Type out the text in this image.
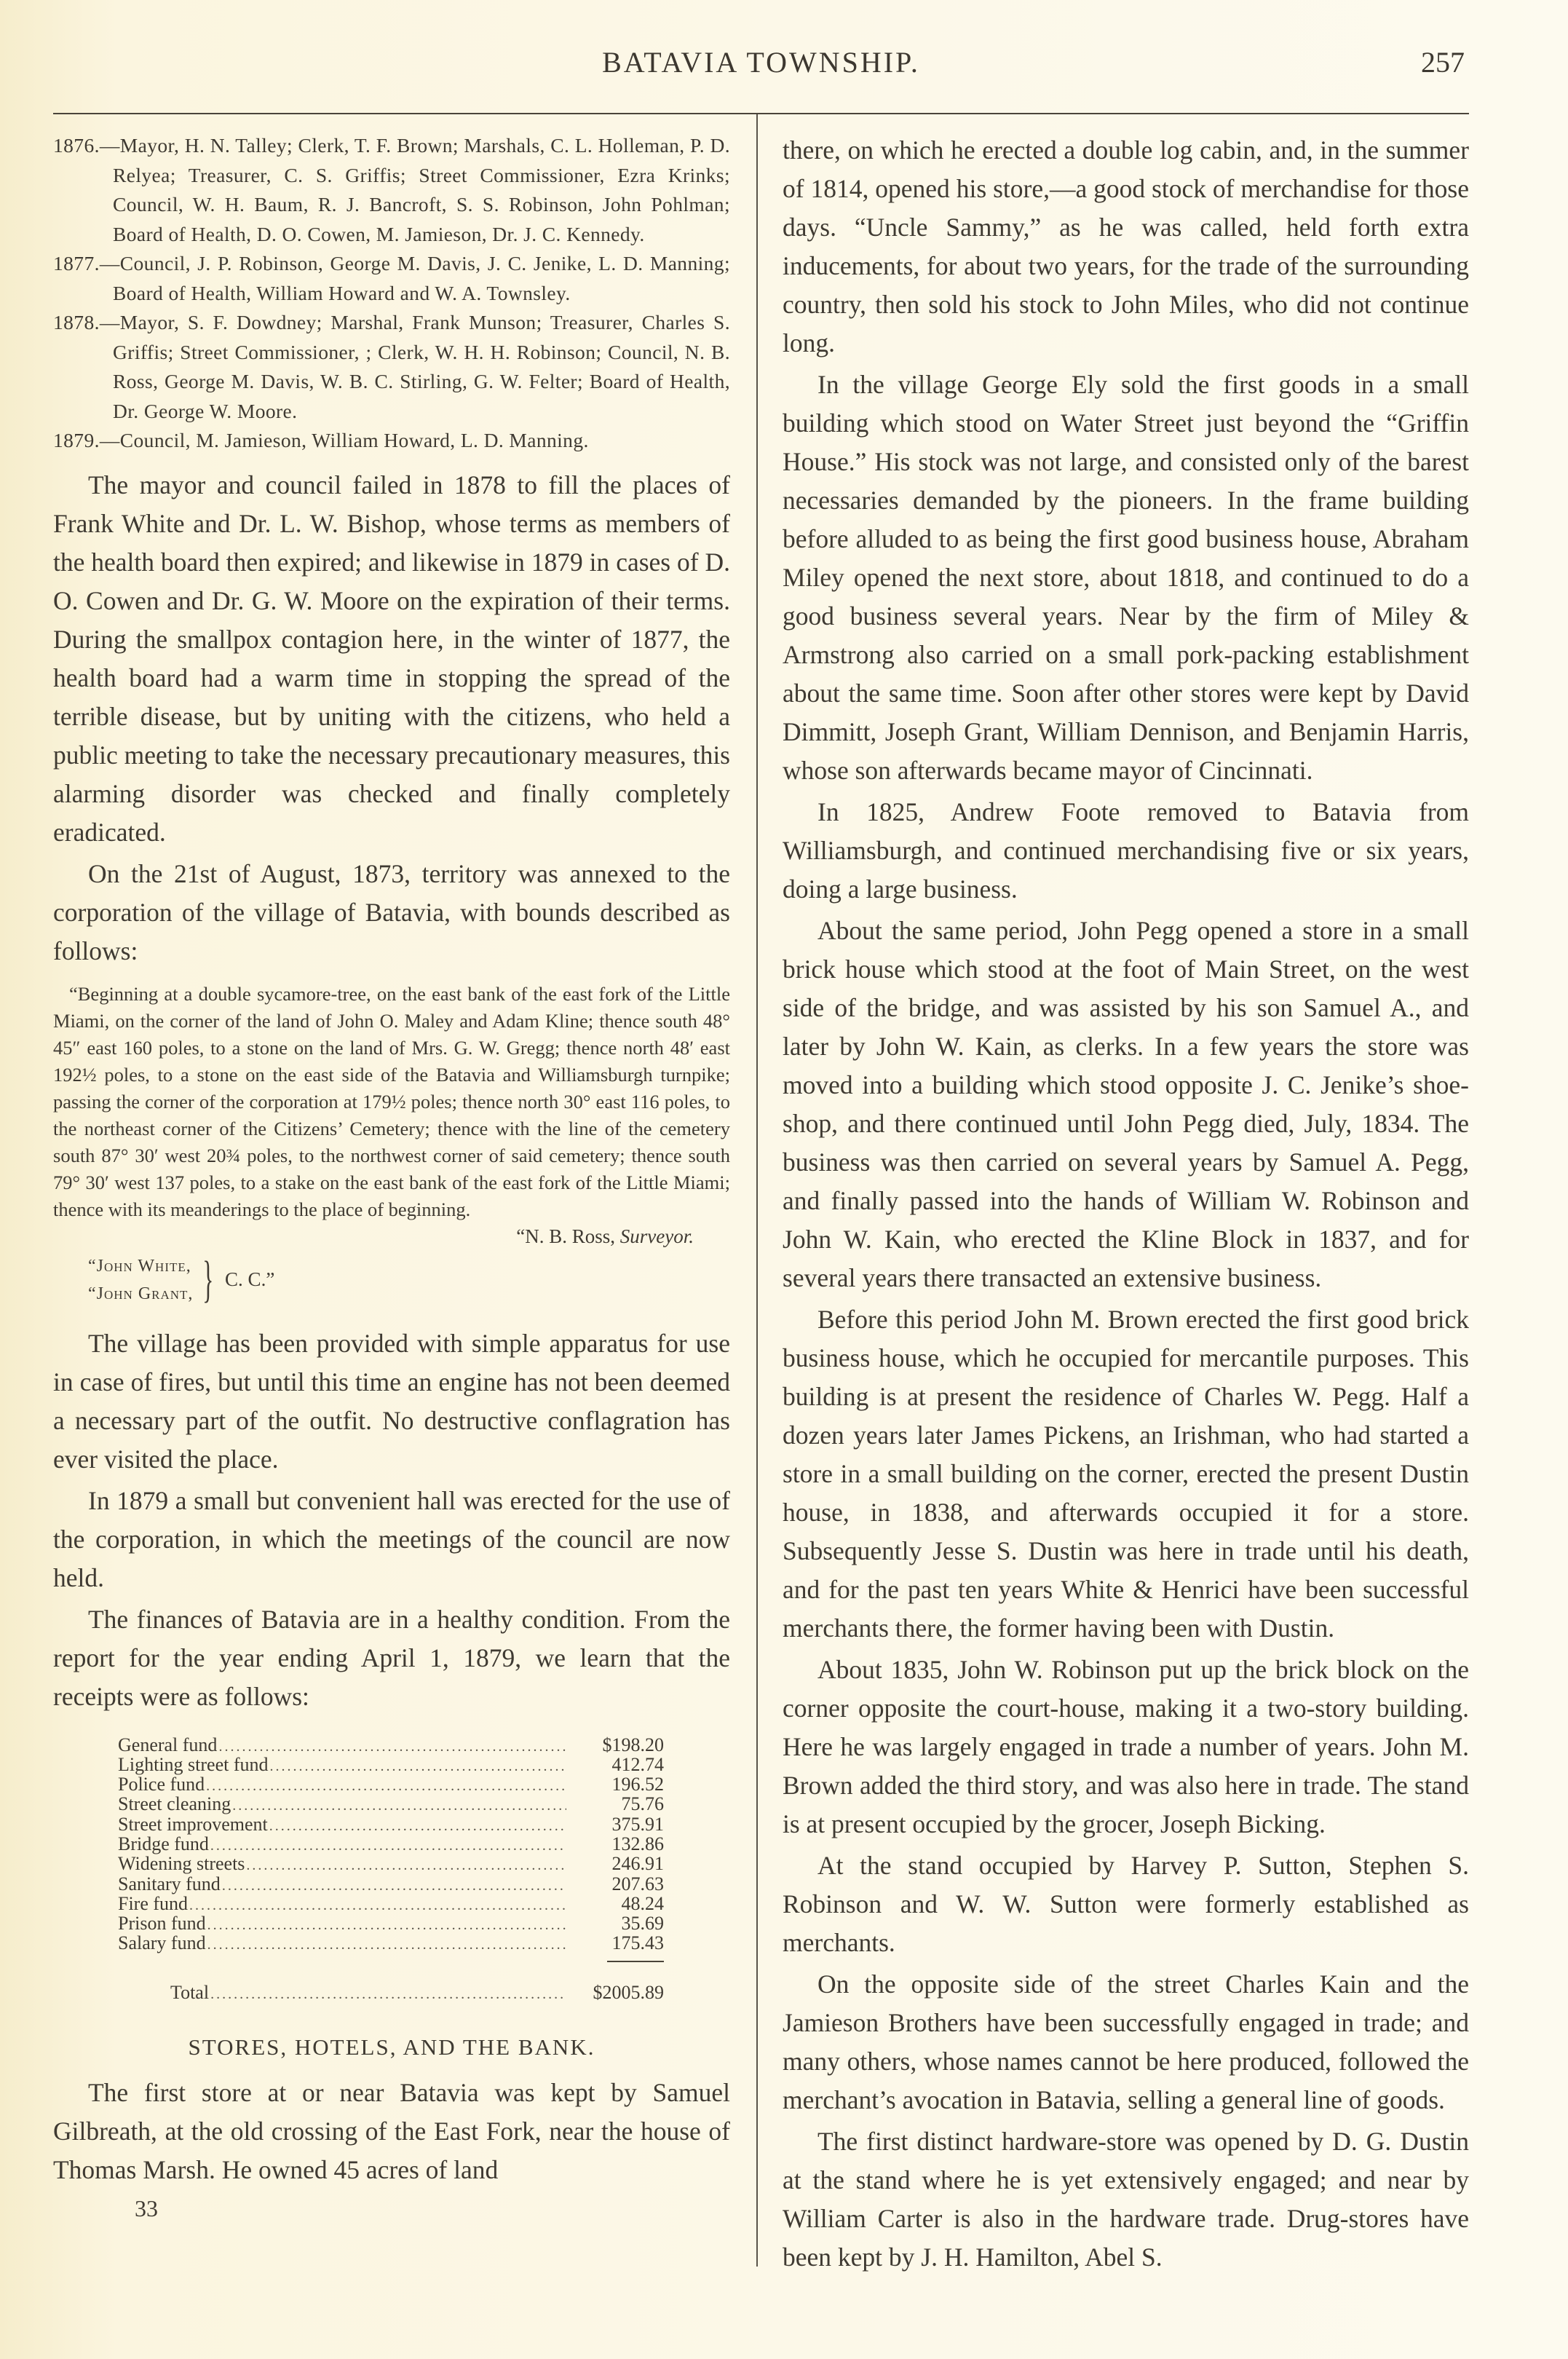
BATAVIA TOWNSHIP.	257

1876.—Mayor, H. N. Talley; Clerk, T. F. Brown; Marshals, C. L. Holleman, P. D. Relyea; Treasurer, C. S. Griffis; Street Commissioner, Ezra Krinks; Council, W. H. Baum, R. J. Bancroft, S. S. Robinson, John Pohlman; Board of Health, D. O. Cowen, M. Jamieson, Dr. J. C. Kennedy.

1877.—Council, J. P. Robinson, George M. Davis, J. C. Jenike, L. D. Manning; Board of Health, William Howard and W. A. Townsley.

1878.—Mayor, S. F. Dowdney; Marshal, Frank Munson; Treasurer, Charles S. Griffis; Street Commissioner, ; Clerk, W. H. H. Robinson; Council, N. B. Ross, George M. Davis, W. B. C. Stirling, G. W. Felter; Board of Health, Dr. George W. Moore.

1879.—Council, M. Jamieson, William Howard, L. D. Manning.

The mayor and council failed in 1878 to fill the places of Frank White and Dr. L. W. Bishop, whose terms as members of the health board then expired; and likewise in 1879 in cases of D. O. Cowen and Dr. G. W. Moore on the expiration of their terms. During the smallpox contagion here, in the winter of 1877, the health board had a warm time in stopping the spread of the terrible disease, but by uniting with the citizens, who held a public meeting to take the necessary precautionary measures, this alarming disorder was checked and finally completely eradicated.

On the 21st of August, 1873, territory was annexed to the corporation of the village of Batavia, with bounds described as follows:

“Beginning at a double sycamore-tree, on the east bank of the east fork of the Little Miami, on the corner of the land of John O. Maley and Adam Kline; thence south 48° 45″ east 160 poles, to a stone on the land of Mrs. G. W. Gregg; thence north 48′ east 192½ poles, to a stone on the east side of the Batavia and Williamsburgh turnpike; passing the corner of the corporation at 179½ poles; thence north 30° east 116 poles, to the northeast corner of the Citizens’ Cemetery; thence with the line of the cemetery south 87° 30′ west 20¾ poles, to the northwest corner of said cemetery; thence south 79° 30′ west 137 poles, to a stake on the east bank of the east fork of the Little Miami; thence with its meanderings to the place of beginning.

“N. B. Ross, Surveyor.
“John White,
“John Grant, } C. C.”

The village has been provided with simple apparatus for use in case of fires, but until this time an engine has not been deemed a necessary part of the outfit. No destructive conflagration has ever visited the place.

In 1879 a small but convenient hall was erected for the use of the corporation, in which the meetings of the council are now held.

The finances of Batavia are in a healthy condition. From the report for the year ending April 1, 1879, we learn that the receipts were as follows:

General fund .....	$198.20
Lighting street fund .....	412.74
Police fund .....	196.52
Street cleaning .....	75.76
Street improvement .....	375.91
Bridge fund .....	132.86
Widening streets .....	246.91
Sanitary fund .....	207.63
Fire fund .....	48.24
Prison fund .....	35.69
Salary fund .....	175.43
Total .....	$2005.89
STORES, HOTELS, AND THE BANK.

The first store at or near Batavia was kept by Samuel Gilbreath, at the old crossing of the East Fork, near the house of Thomas Marsh. He owned 45 acres of land

33

there, on which he erected a double log cabin, and, in the summer of 1814, opened his store,—a good stock of merchandise for those days. “Uncle Sammy,” as he was called, held forth extra inducements, for about two years, for the trade of the surrounding country, then sold his stock to John Miles, who did not continue long.

In the village George Ely sold the first goods in a small building which stood on Water Street just beyond the “Griffin House.” His stock was not large, and consisted only of the barest necessaries demanded by the pioneers. In the frame building before alluded to as being the first good business house, Abraham Miley opened the next store, about 1818, and continued to do a good business several years. Near by the firm of Miley & Armstrong also carried on a small pork-packing establishment about the same time. Soon after other stores were kept by David Dimmitt, Joseph Grant, William Dennison, and Benjamin Harris, whose son afterwards became mayor of Cincinnati.

In 1825, Andrew Foote removed to Batavia from Williamsburgh, and continued merchandising five or six years, doing a large business.

About the same period, John Pegg opened a store in a small brick house which stood at the foot of Main Street, on the west side of the bridge, and was assisted by his son Samuel A., and later by John W. Kain, as clerks. In a few years the store was moved into a building which stood opposite J. C. Jenike’s shoe-shop, and there continued until John Pegg died, July, 1834. The business was then carried on several years by Samuel A. Pegg, and finally passed into the hands of William W. Robinson and John W. Kain, who erected the Kline Block in 1837, and for several years there transacted an extensive business.

Before this period John M. Brown erected the first good brick business house, which he occupied for mercantile purposes. This building is at present the residence of Charles W. Pegg. Half a dozen years later James Pickens, an Irishman, who had started a store in a small building on the corner, erected the present Dustin house, in 1838, and afterwards occupied it for a store. Subsequently Jesse S. Dustin was here in trade until his death, and for the past ten years White & Henrici have been successful merchants there, the former having been with Dustin.

About 1835, John W. Robinson put up the brick block on the corner opposite the court-house, making it a two-story building. Here he was largely engaged in trade a number of years. John M. Brown added the third story, and was also here in trade. The stand is at present occupied by the grocer, Joseph Bicking.

At the stand occupied by Harvey P. Sutton, Stephen S. Robinson and W. W. Sutton were formerly established as merchants.

On the opposite side of the street Charles Kain and the Jamieson Brothers have been successfully engaged in trade; and many others, whose names cannot be here produced, followed the merchant’s avocation in Batavia, selling a general line of goods.

The first distinct hardware-store was opened by D. G. Dustin at the stand where he is yet extensively engaged; and near by William Carter is also in the hardware trade. Drug-stores have been kept by J. H. Hamilton, Abel S.
